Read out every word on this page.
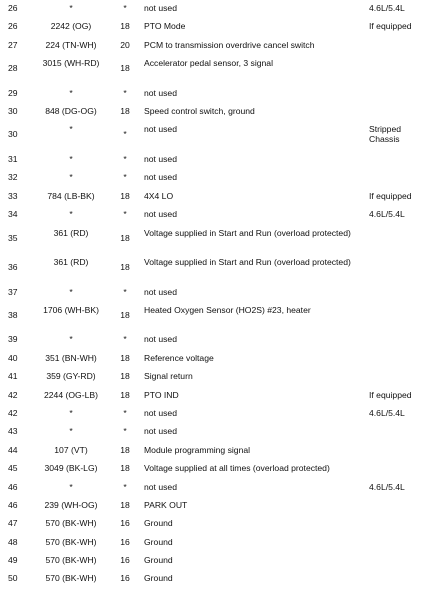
26	*	*	not used	4.6L/5.4L
26	2242 (OG)	18	PTO Mode	If equipped
27	224 (TN-WH)	20	PCM to transmission overdrive cancel switch	
28	3015 (WH-RD)	18	Accelerator pedal sensor, 3 signal	
29	*	*	not used	
30	848 (DG-OG)	18	Speed control switch, ground	
30	*	*	not used	Stripped Chassis
31	*	*	not used	
32	*	*	not used	
33	784 (LB-BK)	18	4X4 LO	If equipped
34	*	*	not used	4.6L/5.4L
35	361 (RD)	18	Voltage supplied in Start and Run (overload protected)	
36	361 (RD)	18	Voltage supplied in Start and Run (overload protected)	
37	*	*	not used	
38	1706 (WH-BK)	18	Heated Oxygen Sensor (HO2S) #23, heater	
39	*	*	not used	
40	351 (BN-WH)	18	Reference voltage	
41	359 (GY-RD)	18	Signal return	
42	2244 (OG-LB)	18	PTO IND	If equipped
42	*	*	not used	4.6L/5.4L
43	*	*	not used	
44	107 (VT)	18	Module programming signal	
45	3049 (BK-LG)	18	Voltage supplied at all times (overload protected)	
46	*	*	not used	4.6L/5.4L
46	239 (WH-OG)	18	PARK OUT	
47	570 (BK-WH)	16	Ground	
48	570 (BK-WH)	16	Ground	
49	570 (BK-WH)	16	Ground	
50	570 (BK-WH)	16	Ground	
